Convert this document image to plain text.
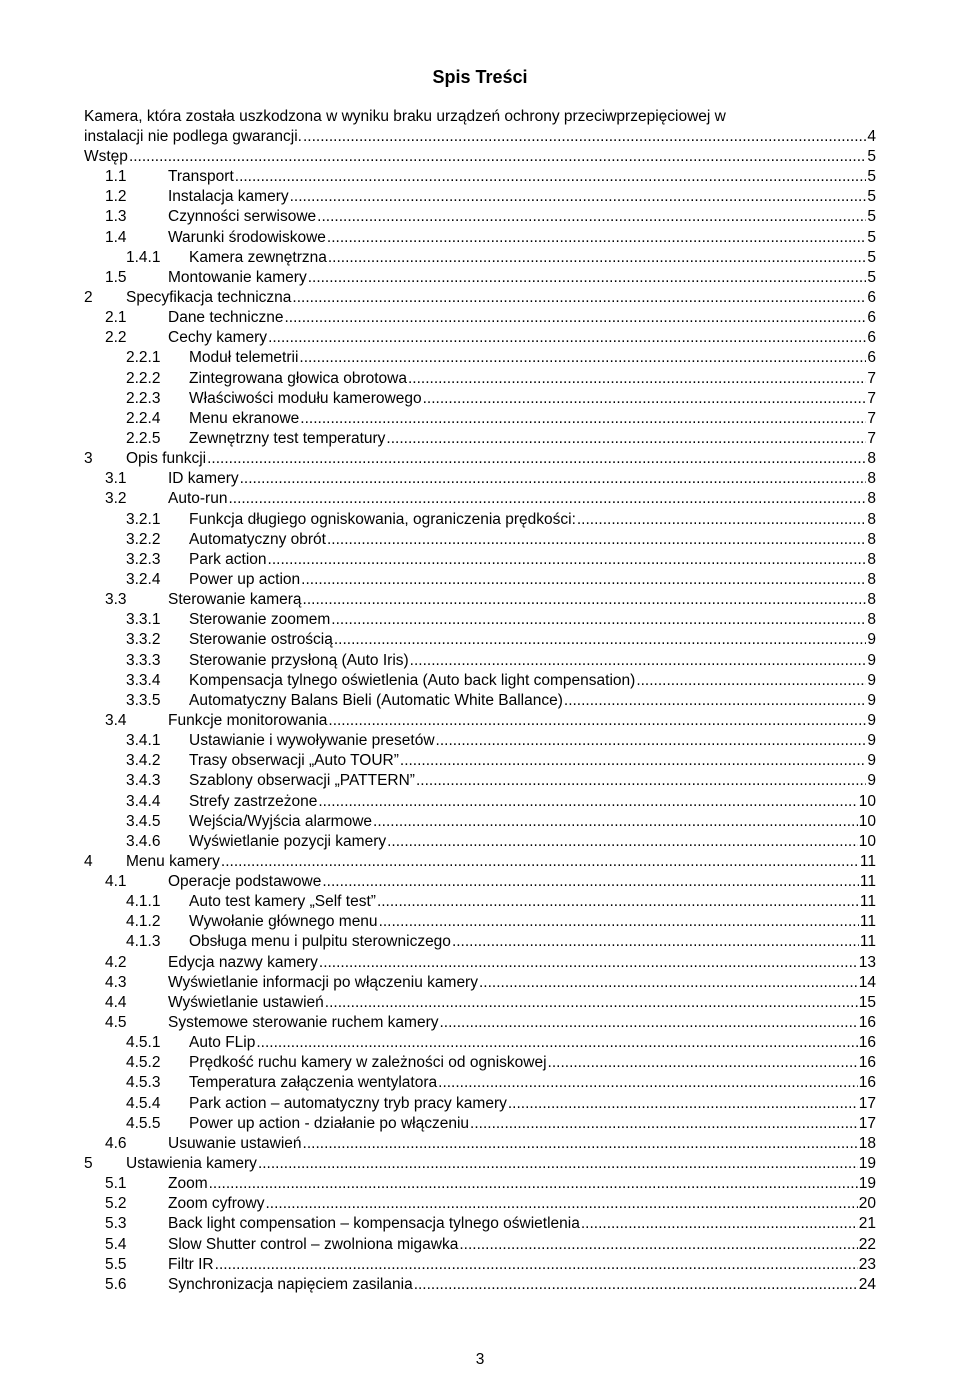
Spis Treści
Kamera, która została uszkodzona w wyniku braku urządzeń ochrony przeciwprzepięciowej w
instalacji nie podlega gwarancji. .....	4
Wstęp .....	5
1.1	Transport .....	5
1.2	Instalacja kamery .....	5
1.3	Czynności serwisowe .....	5
1.4	Warunki środowiskowe .....	5
1.4.1	Kamera zewnętrzna .....	5
1.5	Montowanie kamery .....	5
2	Specyfikacja techniczna .....	6
2.1	Dane techniczne .....	6
2.2	Cechy kamery .....	6
2.2.1	Moduł telemetrii .....	6
2.2.2	Zintegrowana głowica obrotowa .....	7
2.2.3	Właściwości modułu kamerowego .....	7
2.2.4	Menu ekranowe .....	7
2.2.5	Zewnętrzny test temperatury .....	7
3	Opis funkcji .....	8
3.1	ID kamery .....	8
3.2	Auto-run .....	8
3.2.1	Funkcja długiego ogniskowania, ograniczenia prędkości: .....	8
3.2.2	Automatyczny obrót .....	8
3.2.3	Park action .....	8
3.2.4	Power up action .....	8
3.3	Sterowanie kamerą .....	8
3.3.1	Sterowanie zoomem .....	8
3.3.2	Sterowanie ostrością .....	9
3.3.3	Sterowanie przysłoną (Auto Iris) .....	9
3.3.4	Kompensacja tylnego oświetlenia (Auto back light compensation) .....	9
3.3.5	Automatyczny Balans Bieli (Automatic White Ballance) .....	9
3.4	Funkcje monitorowania .....	9
3.4.1	Ustawianie i wywoływanie presetów .....	9
3.4.2	Trasy obserwacji „Auto TOUR” .....	9
3.4.3	Szablony obserwacji „PATTERN” .....	9
3.4.4	Strefy zastrzeżone .....	10
3.4.5	Wejścia/Wyjścia alarmowe .....	10
3.4.6	Wyświetlanie pozycji kamery .....	10
4	Menu kamery .....	11
4.1	Operacje podstawowe .....	11
4.1.1	Auto test kamery „Self test” .....	11
4.1.2	Wywołanie głównego menu .....	11
4.1.3	Obsługa menu i pulpitu sterowniczego .....	11
4.2	Edycja nazwy kamery .....	13
4.3	Wyświetlanie informacji po włączeniu kamery .....	14
4.4	Wyświetlanie ustawień .....	15
4.5	Systemowe sterowanie ruchem kamery .....	16
4.5.1	Auto FLip .....	16
4.5.2	Prędkość ruchu kamery w zależności od ogniskowej .....	16
4.5.3	Temperatura załączenia wentylatora .....	16
4.5.4	Park action – automatyczny tryb pracy kamery .....	17
4.5.5	Power up action - działanie po włączeniu .....	17
4.6	Usuwanie ustawień .....	18
5	Ustawienia kamery .....	19
5.1	Zoom .....	19
5.2	Zoom cyfrowy .....	20
5.3	Back light compensation – kompensacja tylnego oświetlenia .....	21
5.4	Slow Shutter control – zwolniona migawka .....	22
5.5	Filtr IR .....	23
5.6	Synchronizacja napięciem zasilania .....	24
3
